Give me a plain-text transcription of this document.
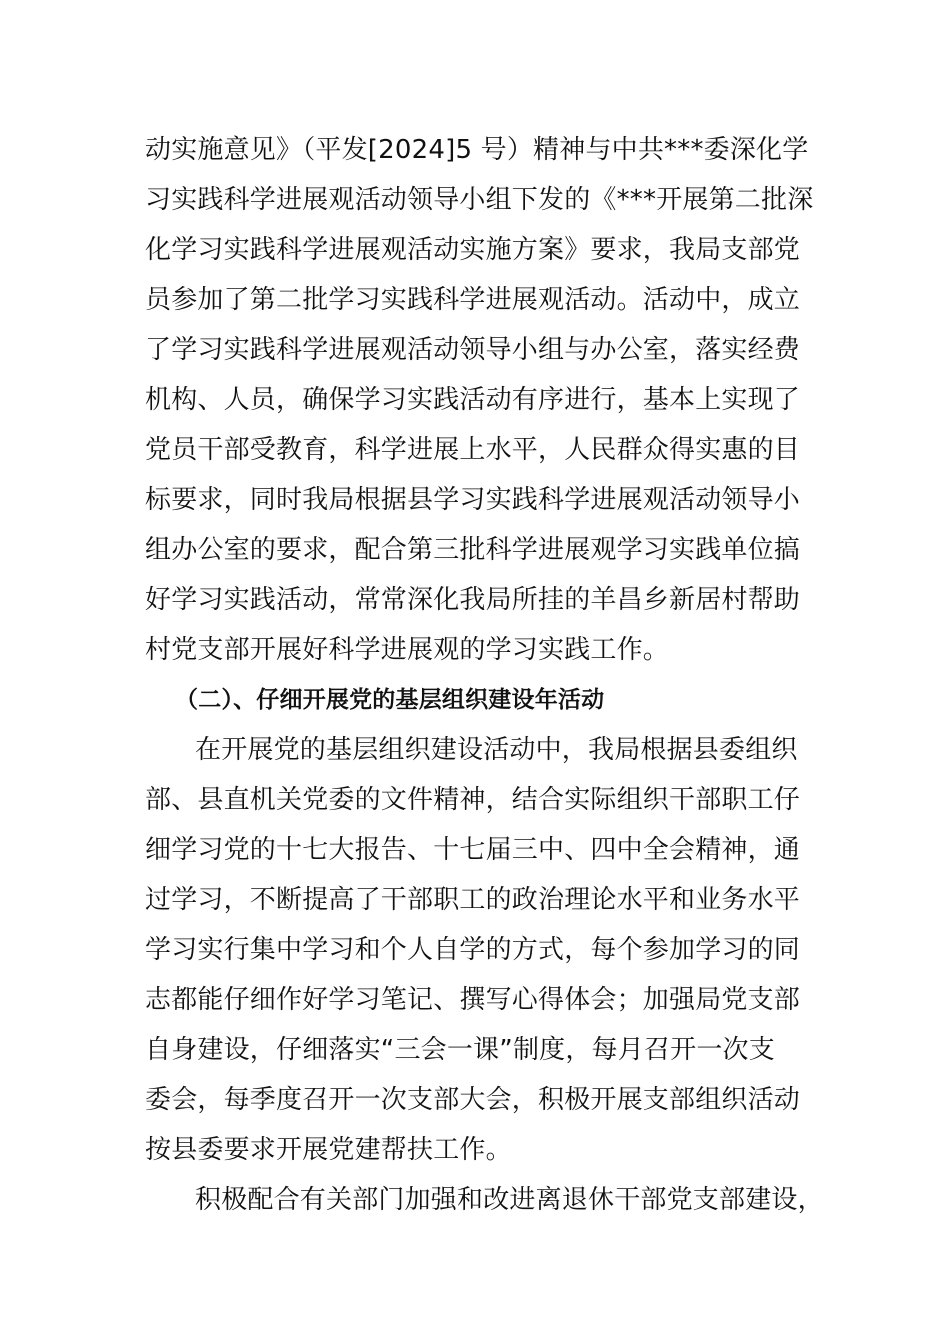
动实施意见》（平发[2024]5 号）精神与中共***委深化学
习实践科学进展观活动领导小组下发的《***开展第二批深
化学习实践科学进展观活动实施方案》要求，我局支部党
员参加了第二批学习实践科学进展观活动。活动中，成立
了学习实践科学进展观活动领导小组与办公室，落实经费
机构、人员，确保学习实践活动有序进行，基本上实现了
党员干部受教育，科学进展上水平，人民群众得实惠的目
标要求，同时我局根据县学习实践科学进展观活动领导小
组办公室的要求，配合第三批科学进展观学习实践单位搞
好学习实践活动，常常深化我局所挂的羊昌乡新居村帮助
村党支部开展好科学进展观的学习实践工作。
（二）、仔细开展党的基层组织建设年活动
在开展党的基层组织建设活动中，我局根据县委组织
部、县直机关党委的文件精神，结合实际组织干部职工仔
细学习党的十七大报告、十七届三中、四中全会精神，通
过学习，不断提高了干部职工的政治理论水平和业务水平
学习实行集中学习和个人自学的方式，每个参加学习的同
志都能仔细作好学习笔记、撰写心得体会；加强局党支部
自身建设，仔细落实“三会一课”制度，每月召开一次支
委会，每季度召开一次支部大会，积极开展支部组织活动
按县委要求开展党建帮扶工作。
积极配合有关部门加强和改进离退休干部党支部建设，
